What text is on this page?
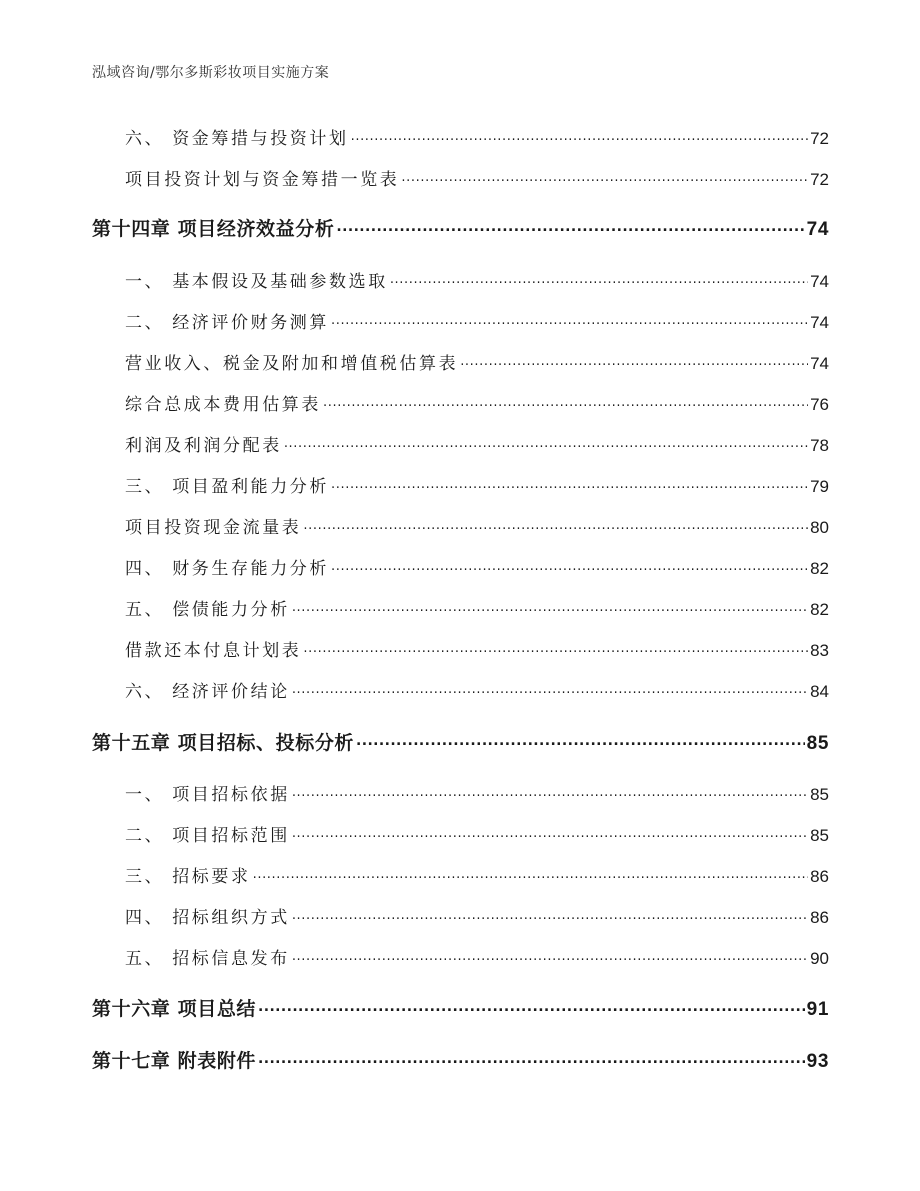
泓域咨询/鄂尔多斯彩妆项目实施方案
六、 资金筹措与投资计划 .....	72
项目投资计划与资金筹措一览表 .....	72
第十四章 项目经济效益分析 .....	74
一、 基本假设及基础参数选取 .....	74
二、 经济评价财务测算 .....	74
营业收入、税金及附加和增值税估算表 .....	74
综合总成本费用估算表 .....	76
利润及利润分配表 .....	78
三、 项目盈利能力分析 .....	79
项目投资现金流量表 .....	80
四、 财务生存能力分析 .....	82
五、 偿债能力分析 .....	82
借款还本付息计划表 .....	83
六、 经济评价结论 .....	84
第十五章 项目招标、投标分析 .....	85
一、 项目招标依据 .....	85
二、 项目招标范围 .....	85
三、 招标要求 .....	86
四、 招标组织方式 .....	86
五、 招标信息发布 .....	90
第十六章 项目总结 .....	91
第十七章 附表附件 .....	93
